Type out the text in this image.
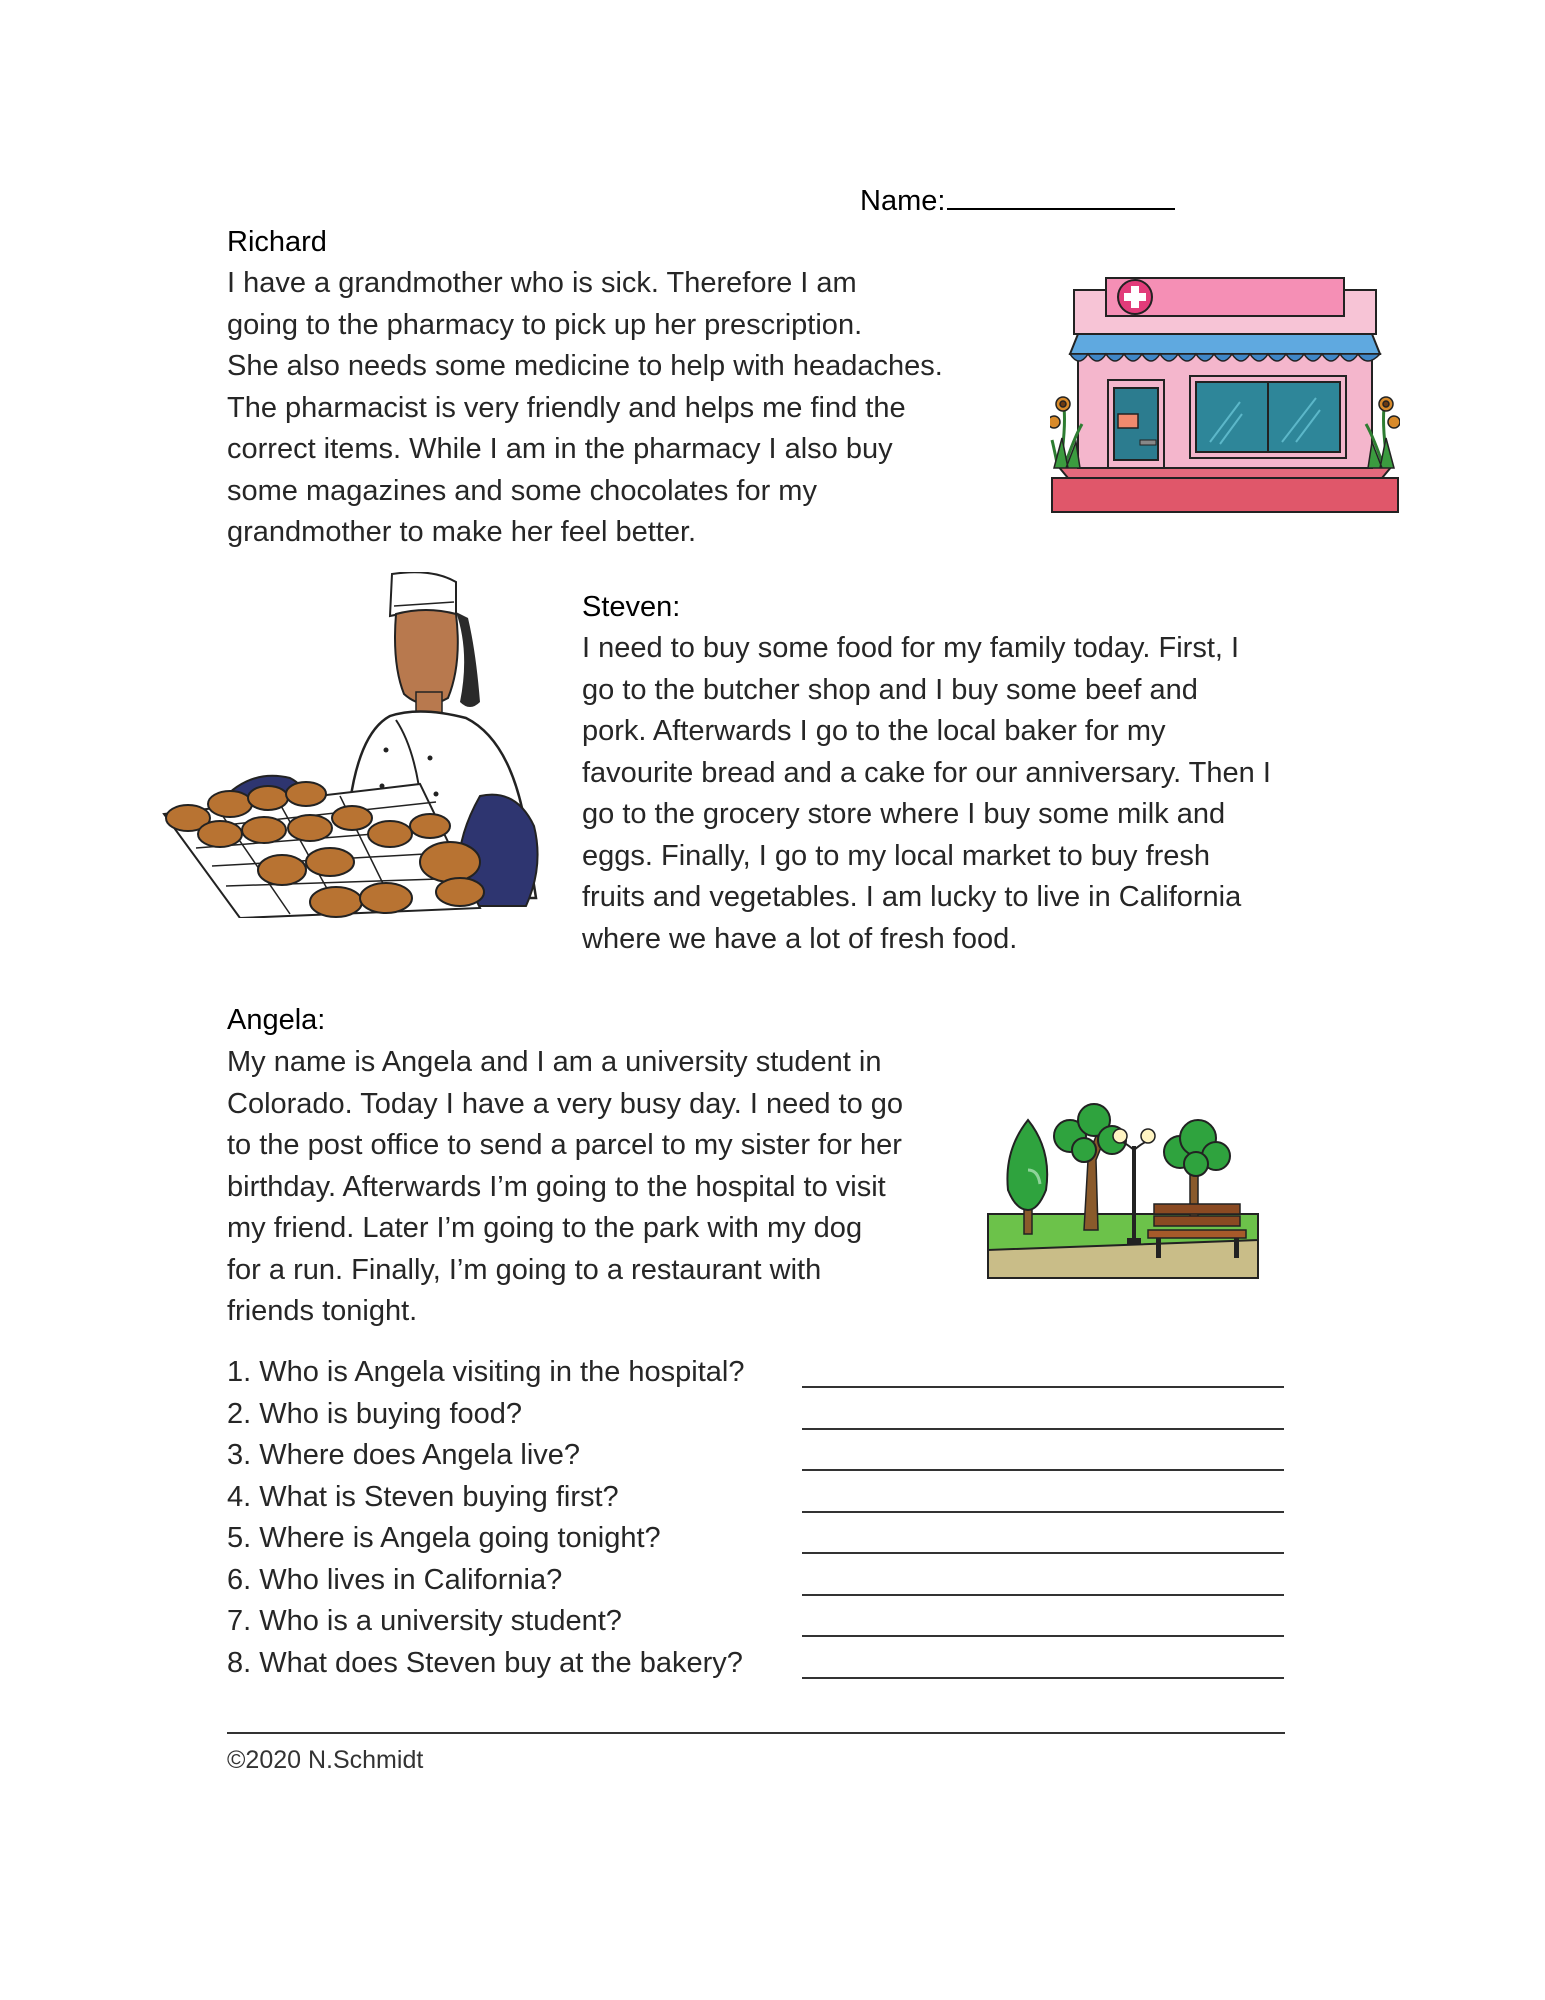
Name:
Richard
I have a grandmother who is sick. Therefore I am
going to the pharmacy to pick up her prescription.
She also needs some medicine to help with headaches.
The pharmacist is very friendly and helps me find the
correct items. While I am in the pharmacy I also buy
some magazines and some chocolates for my
grandmother to make her feel better.
Steven:
I need to buy some food for my family today. First, I
go to the butcher shop and I buy some beef and
pork. Afterwards I go to the local baker for my
favourite bread and a cake for our anniversary. Then I
go to the grocery store where I buy some milk and
eggs. Finally, I go to my local market to buy fresh
fruits and vegetables. I am lucky to live in California
where we have a lot of fresh food.
Angela:
My name is Angela and I am a university student in
Colorado. Today I have a very busy day. I need to go
to the post office to send a parcel to my sister for her
birthday. Afterwards I’m going to the hospital to visit
my friend. Later I’m going to the park with my dog
for a run. Finally, I’m going to a restaurant with
friends tonight.
1. Who is Angela visiting in the hospital?
2. Who is buying food?
3. Where does Angela live?
4. What is Steven buying first?
5. Where is Angela going tonight?
6. Who lives in California?
7. Who is a university student?
8. What does Steven buy at the bakery?
©2020 N.Schmidt
